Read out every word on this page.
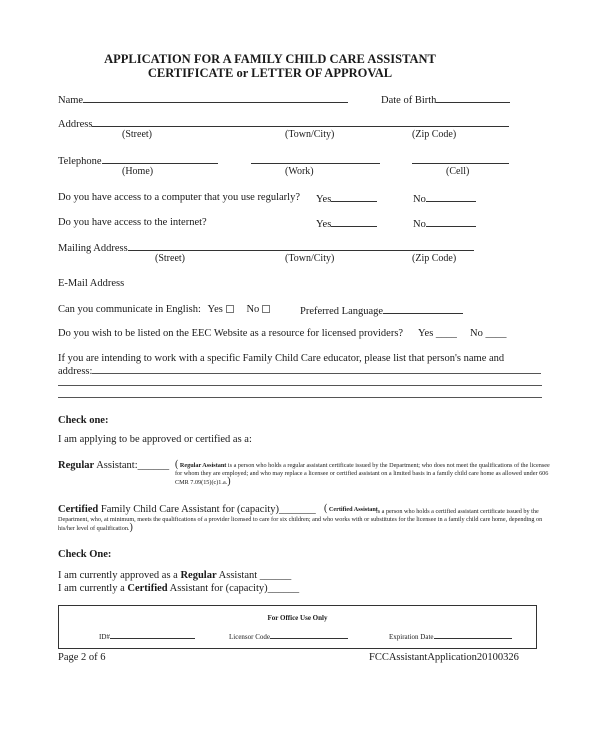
APPLICATION FOR A FAMILY CHILD CARE ASSISTANT
CERTIFICATE or LETTER OF APPROVAL
Name	Date of Birth
Address
(Street)	(Town/City)	(Zip Code)
Telephone
(Home)	(Work)	(Cell)
Do you have access to a computer that you use regularly? Yes	No
Do you have access to the internet?	Yes	No
Mailing Address
(Street)	(Town/City)	(Zip Code)
E-Mail Address
Can you communicate in English: Yes No	Preferred Language
Do you wish to be listed on the EEC Website as a resource for licensed providers? Yes ____ No ____
If you are intending to work with a specific Family Child Care educator, please list that person's name and
address:
Check one:
I am applying to be approved or certified as a:
Regular Assistant:______ ( Regular Assistant is a person who holds a regular assistant certificate issued by the Department; who does not meet the qualifications of the licensee for whom they are employed; and who may replace a licensee or certified assistant on a limited basis in a family child care home as allowed under 606 CMR 7.09(15)(c)1.a.)
Certified Family Child Care Assistant for (capacity)_______ ( Certified Assistant
is a person who holds a certified assistant certificate issued by the Department, who, at minimum, meets the qualifications of a provider licensed to care for six children; and who works with or substitutes for the licensee in a family child care home, depending on his/her level of qualification.)
Check One:
I am currently approved as a Regular Assistant ______
I am currently a Certified Assistant for (capacity)______
For Office Use Only
ID#	Licensor Code	Expiration Date
Page 2 of 6	FCCAssistantApplication20100326
